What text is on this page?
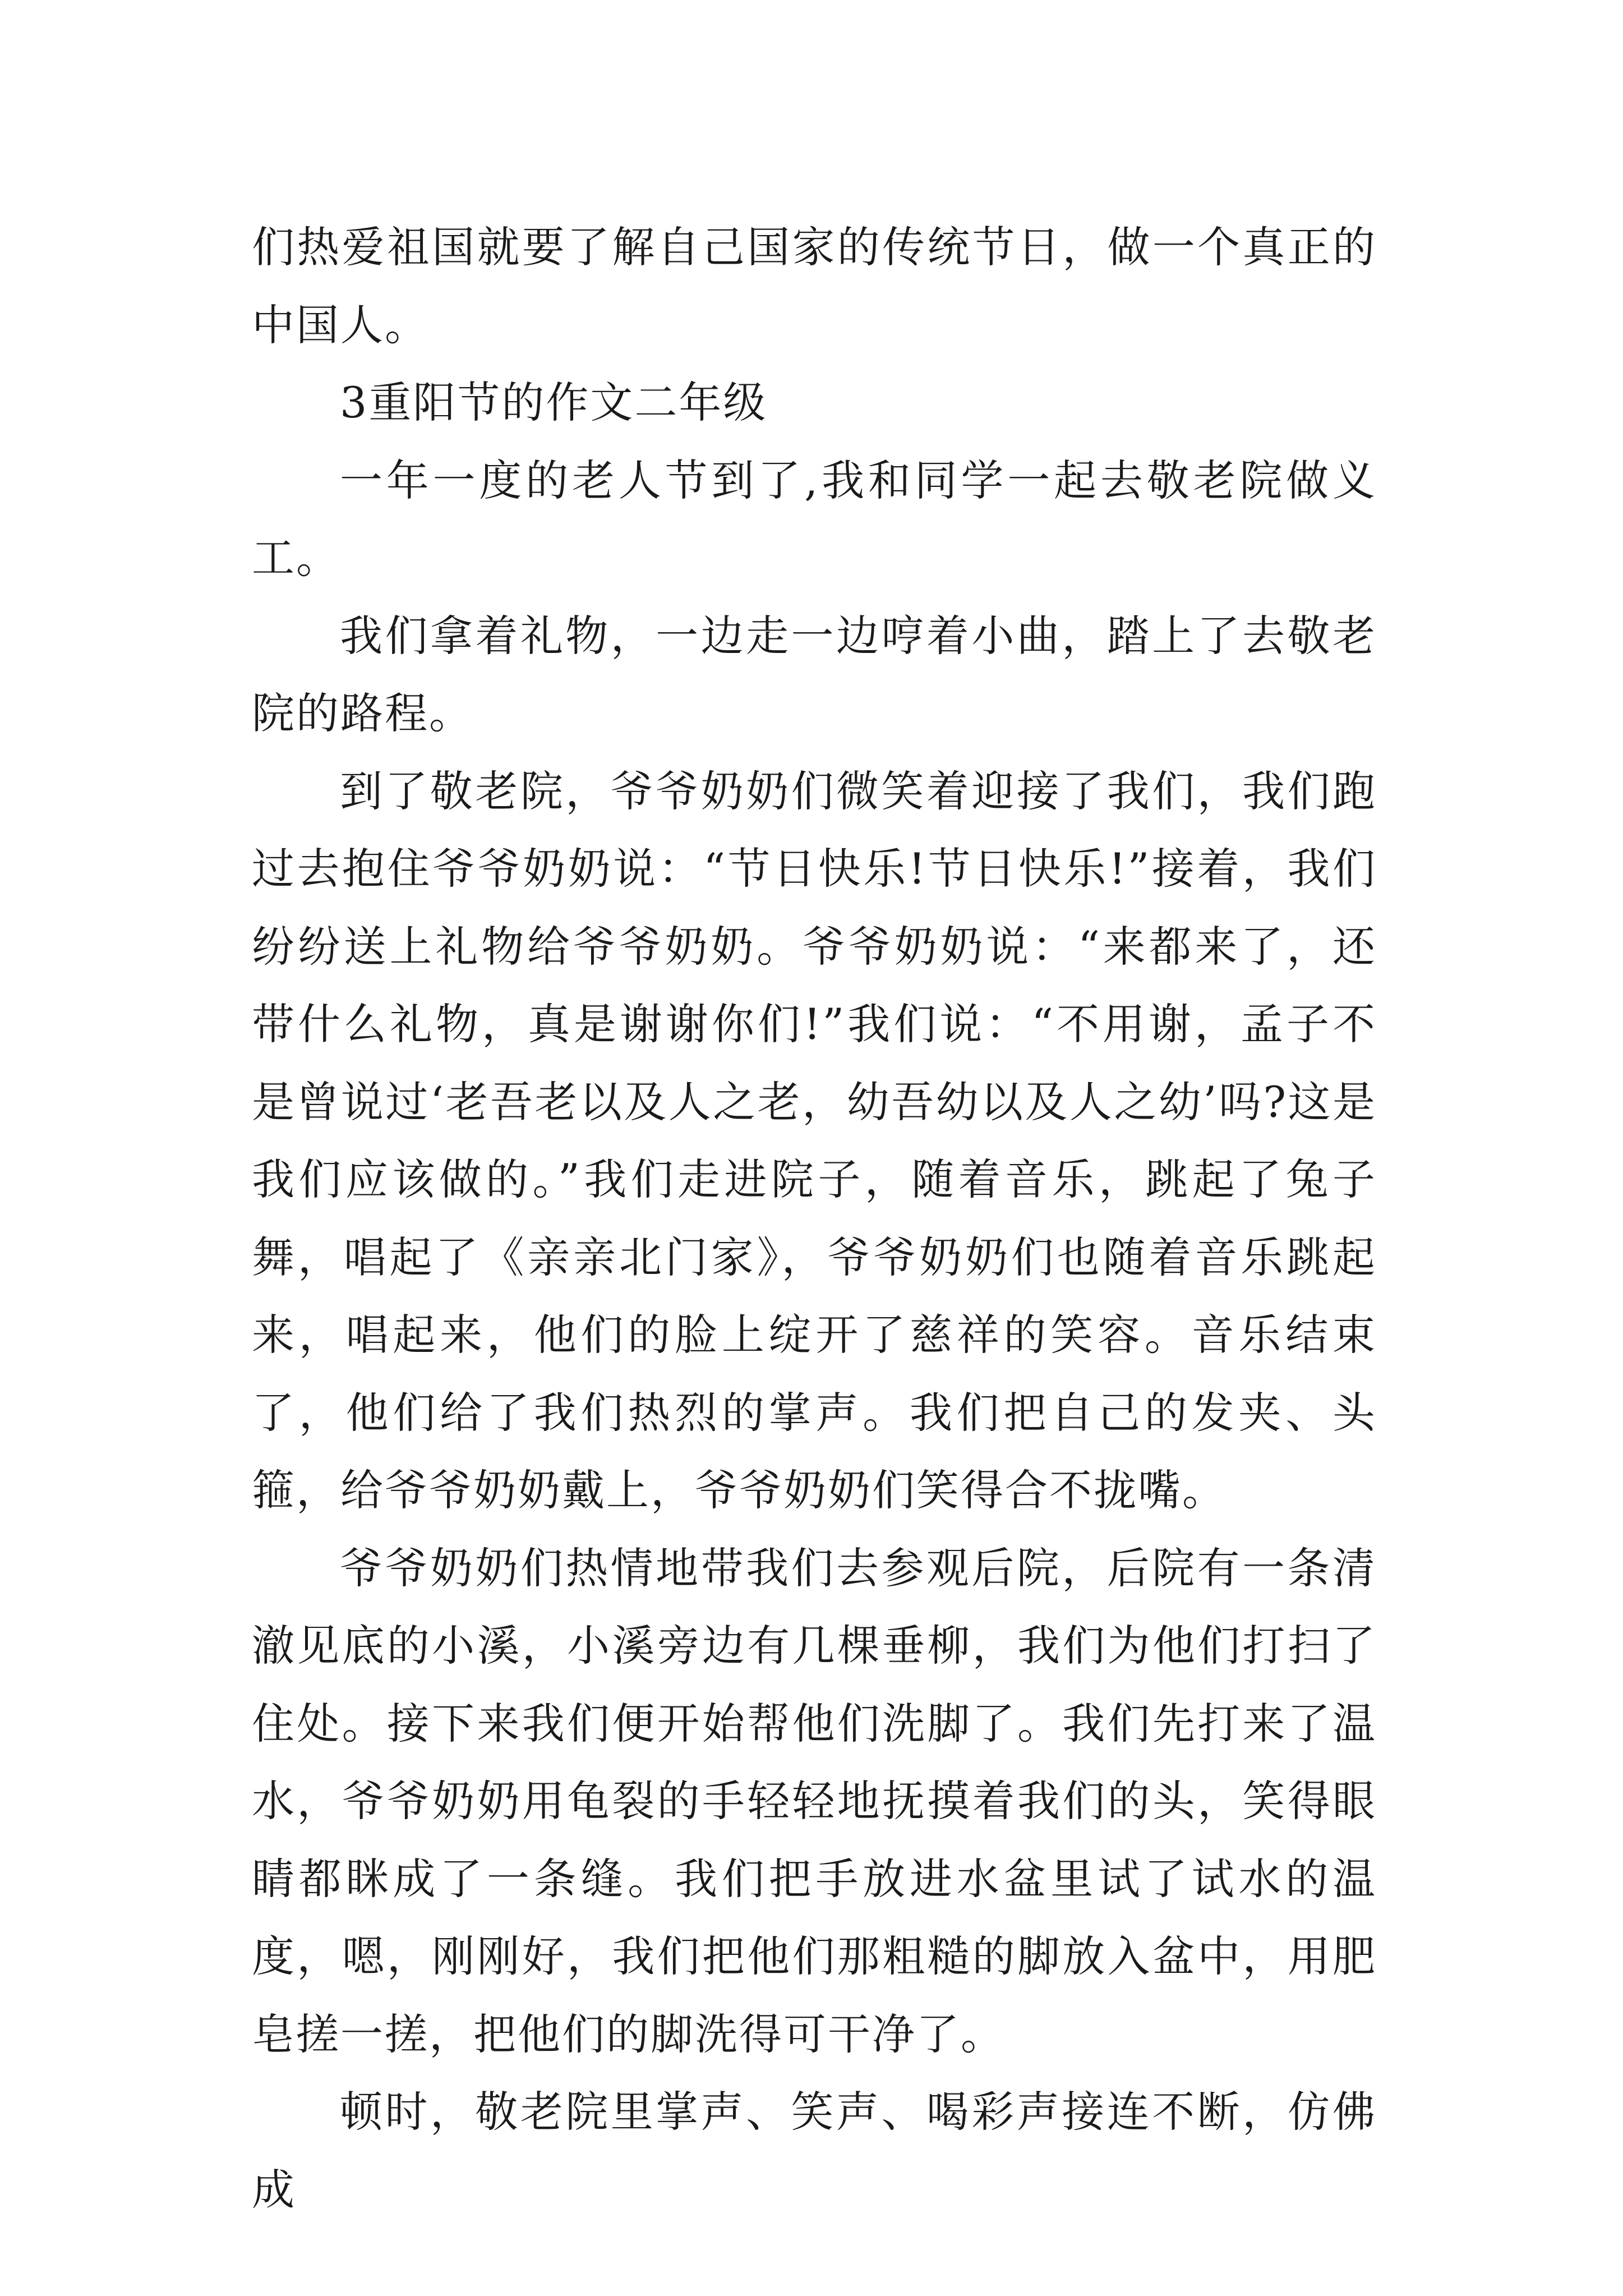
们热爱祖国就要了解自己国家的传统节日，做一个真正的中国人。

3重阳节的作文二年级

一年一度的老人节到了,我和同学一起去敬老院做义工。

我们拿着礼物，一边走一边哼着小曲，踏上了去敬老院的路程。

到了敬老院，爷爷奶奶们微笑着迎接了我们，我们跑过去抱住爷爷奶奶说：“节日快乐!节日快乐!”接着，我们纷纷送上礼物给爷爷奶奶。爷爷奶奶说：“来都来了，还带什么礼物，真是谢谢你们!”我们说：“不用谢，孟子不是曾说过‘老吾老以及人之老，幼吾幼以及人之幼’吗?这是我们应该做的。”我们走进院子，随着音乐，跳起了兔子舞，唱起了《亲亲北门家》，爷爷奶奶们也随着音乐跳起来，唱起来，他们的脸上绽开了慈祥的笑容。音乐结束了，他们给了我们热烈的掌声。我们把自己的发夹、头箍，给爷爷奶奶戴上，爷爷奶奶们笑得合不拢嘴。

爷爷奶奶们热情地带我们去参观后院，后院有一条清澈见底的小溪，小溪旁边有几棵垂柳，我们为他们打扫了住处。接下来我们便开始帮他们洗脚了。我们先打来了温水，爷爷奶奶用龟裂的手轻轻地抚摸着我们的头，笑得眼睛都眯成了一条缝。我们把手放进水盆里试了试水的温度，嗯，刚刚好，我们把他们那粗糙的脚放入盆中，用肥皂搓一搓，把他们的脚洗得可干净了。

顿时，敬老院里掌声、笑声、喝彩声接连不断，仿佛成
